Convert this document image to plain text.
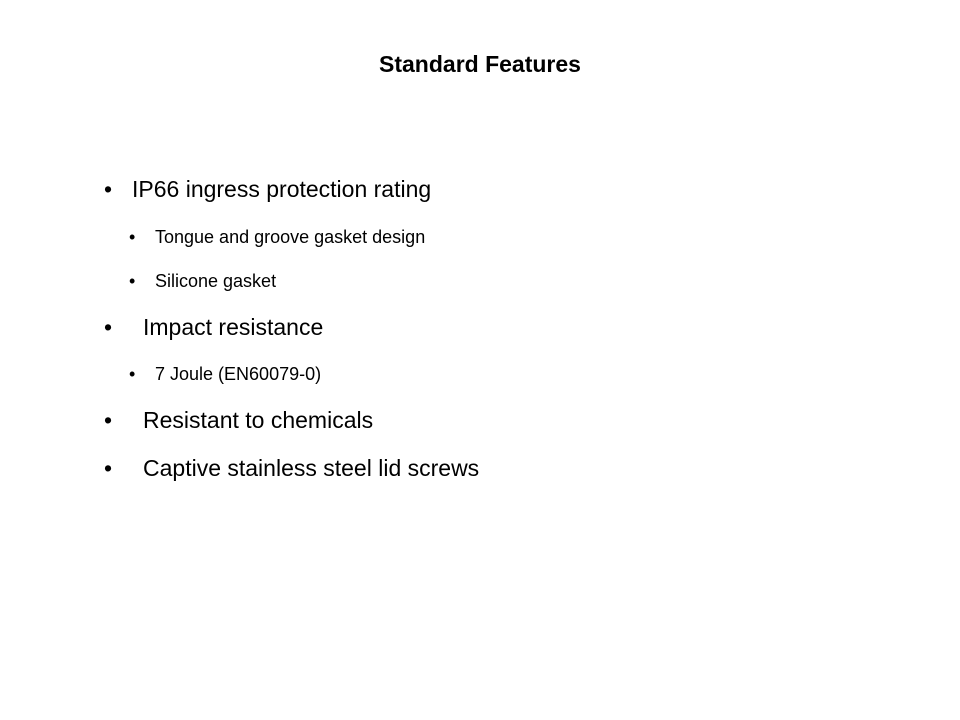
Standard Features
• IP66 ingress protection rating
• Tongue and groove gasket design
• Silicone gasket
• Impact resistance
• 7 Joule (EN60079-0)
• Resistant to chemicals
• Captive stainless steel lid screws
